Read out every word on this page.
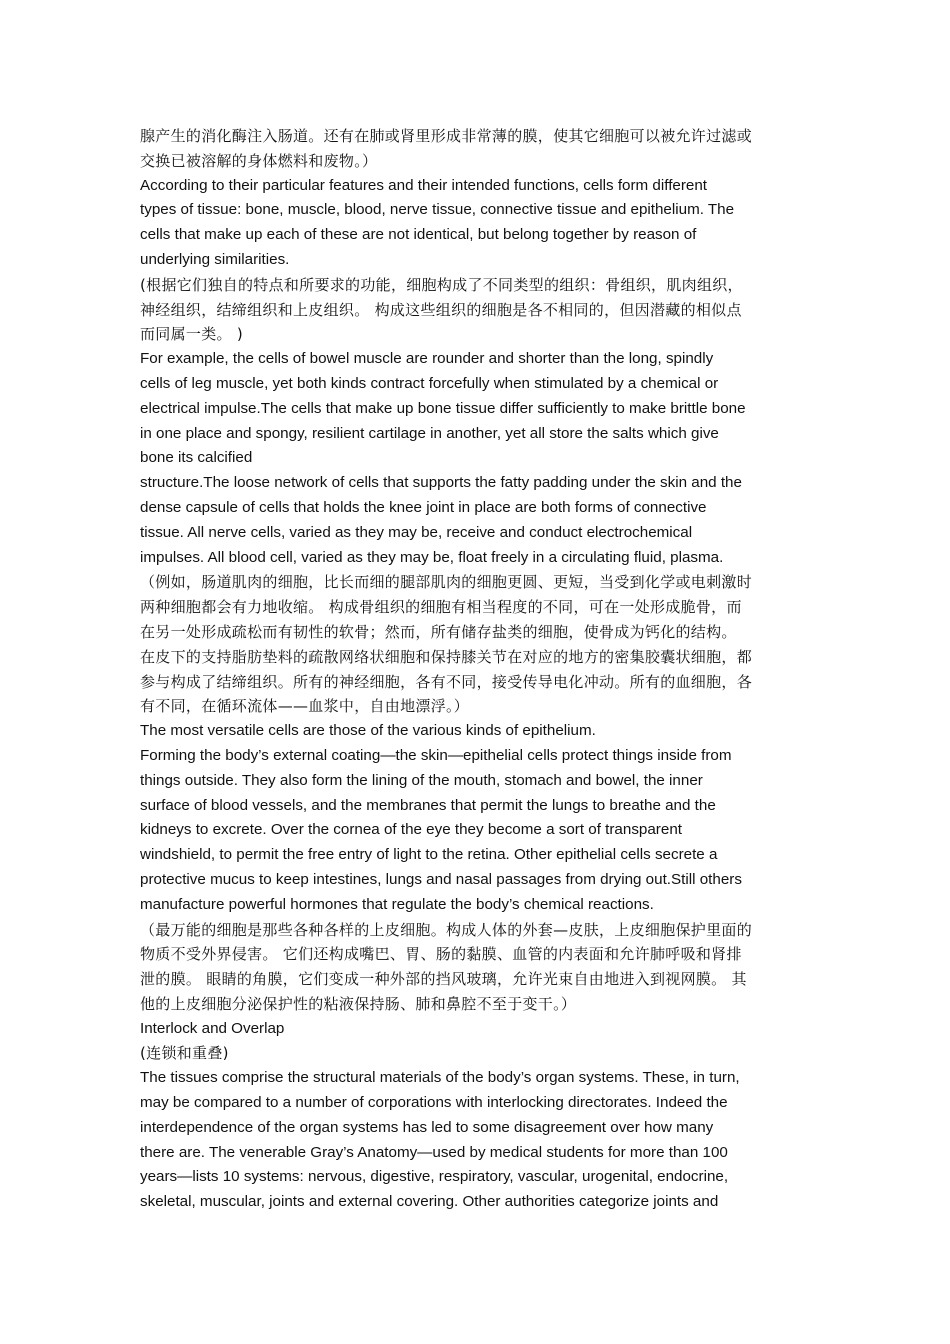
腺产生的消化酶注入肠道。还有在肺或肾里形成非常薄的膜，使其它细胞可以被允许过滤或
交换已被溶解的身体燃料和废物。）
According to their particular features and their intended functions, cells form different
types of tissue: bone, muscle, blood, nerve tissue, connective tissue and epithelium. The
cells that make up each of these are not identical, but belong together by reason of
underlying similarities.
(根据它们独自的特点和所要求的功能，细胞构成了不同类型的组织：骨组织，肌肉组织，
神经组织，结缔组织和上皮组织。 构成这些组织的细胞是各不相同的，但因潜藏的相似点
而同属一类。 )
For example, the cells of bowel muscle are rounder and shorter than the long, spindly
cells of leg muscle, yet both kinds contract forcefully when stimulated by a chemical or
electrical impulse.The cells that make up bone tissue differ sufficiently to make brittle bone
in one place and spongy, resilient cartilage in another, yet all store the salts which give
bone its calcified
structure.The loose network of cells that supports the fatty padding under the skin and the
dense capsule of cells that holds the knee joint in place are both forms of connective
tissue. All nerve cells, varied as they may be, receive and conduct electrochemical
impulses. All blood cell, varied as they may be, float freely in a circulating fluid, plasma.
（例如，肠道肌肉的细胞，比长而细的腿部肌肉的细胞更圆、更短，当受到化学或电刺激时
两种细胞都会有力地收缩。 构成骨组织的细胞有相当程度的不同，可在一处形成脆骨，而
在另一处形成疏松而有韧性的软骨；然而，所有储存盐类的细胞，使骨成为钙化的结构。
在皮下的支持脂肪垫料的疏散网络状细胞和保持膝关节在对应的地方的密集胶囊状细胞，都
参与构成了结缔组织。所有的神经细胞，各有不同，接受传导电化冲动。所有的血细胞，各
有不同，在循环流体——血浆中，自由地漂浮。）
The most versatile cells are those of the various kinds of epithelium.
Forming the body’s external coating—the skin—epithelial cells protect things inside from
things outside. They also form the lining of the mouth, stomach and bowel, the inner
surface of blood vessels, and the membranes that permit the lungs to breathe and the
kidneys to excrete. Over the cornea of the eye they become a sort of transparent
windshield, to permit the free entry of light to the retina. Other epithelial cells secrete a
protective mucus to keep intestines, lungs and nasal passages from drying out.Still others
manufacture powerful hormones that regulate the body’s chemical reactions.
（最万能的细胞是那些各种各样的上皮细胞。构成人体的外套—皮肤，上皮细胞保护里面的
物质不受外界侵害。 它们还构成嘴巴、胃、肠的黏膜、血管的内表面和允许肺呼吸和肾排
泄的膜。 眼睛的角膜，它们变成一种外部的挡风玻璃，允许光束自由地进入到视网膜。 其
他的上皮细胞分泌保护性的粘液保持肠、肺和鼻腔不至于变干。）
Interlock and Overlap
(连锁和重叠)
The tissues comprise the structural materials of the body’s organ systems. These, in turn,
may be compared to a number of corporations with interlocking directorates. Indeed the
interdependence of the organ systems has led to some disagreement over how many
there are. The venerable Gray’s Anatomy—used by medical students for more than 100
years—lists 10 systems: nervous, digestive, respiratory, vascular, urogenital, endocrine,
skeletal, muscular, joints and external covering. Other authorities categorize joints and
